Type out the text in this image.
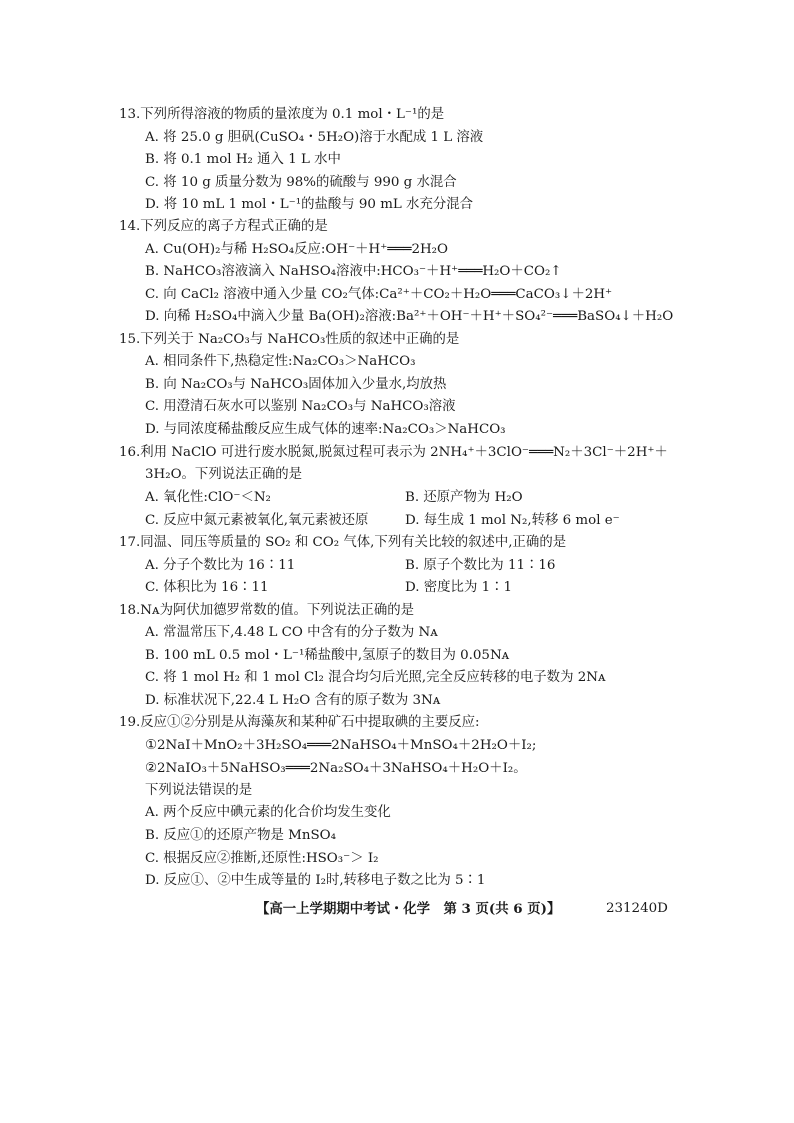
13.下列所得溶液的物质的量浓度为 0.1 mol・L⁻¹的是
A. 将 25.0 g 胆矾(CuSO₄・5H₂O)溶于水配成 1 L 溶液
B. 将 0.1 mol H₂ 通入 1 L 水中
C. 将 10 g 质量分数为 98%的硫酸与 990 g 水混合
D. 将 10 mL 1 mol・L⁻¹的盐酸与 90 mL 水充分混合
14.下列反应的离子方程式正确的是
A. Cu(OH)₂与稀 H₂SO₄反应:OH⁻＋H⁺═══2H₂O
B. NaHCO₃溶液滴入 NaHSO₄溶液中:HCO₃⁻＋H⁺═══H₂O＋CO₂↑
C. 向 CaCl₂ 溶液中通入少量 CO₂气体:Ca²⁺＋CO₂＋H₂O═══CaCO₃↓＋2H⁺
D. 向稀 H₂SO₄中滴入少量 Ba(OH)₂溶液:Ba²⁺＋OH⁻＋H⁺＋SO₄²⁻═══BaSO₄↓＋H₂O
15.下列关于 Na₂CO₃与 NaHCO₃性质的叙述中正确的是
A. 相同条件下,热稳定性:Na₂CO₃＞NaHCO₃
B. 向 Na₂CO₃与 NaHCO₃固体加入少量水,均放热
C. 用澄清石灰水可以鉴别 Na₂CO₃与 NaHCO₃溶液
D. 与同浓度稀盐酸反应生成气体的速率:Na₂CO₃＞NaHCO₃
16.利用 NaClO 可进行废水脱氮,脱氮过程可表示为 2NH₄⁺＋3ClO⁻═══N₂＋3Cl⁻＋2H⁺＋
3H₂O。下列说法正确的是
A. 氧化性:ClO⁻＜N₂	B. 还原产物为 H₂O
C. 反应中氮元素被氧化,氧元素被还原	D. 每生成 1 mol N₂,转移 6 mol e⁻
17.同温、同压等质量的 SO₂ 和 CO₂ 气体,下列有关比较的叙述中,正确的是
A. 分子个数比为 16∶11	B. 原子个数比为 11∶16
C. 体积比为 16∶11	D. 密度比为 1∶1
18.Nᴀ为阿伏加德罗常数的值。下列说法正确的是
A. 常温常压下,4.48 L CO 中含有的分子数为 Nᴀ
B. 100 mL 0.5 mol・L⁻¹稀盐酸中,氢原子的数目为 0.05Nᴀ
C. 将 1 mol H₂ 和 1 mol Cl₂ 混合均匀后光照,完全反应转移的电子数为 2Nᴀ
D. 标准状况下,22.4 L H₂O 含有的原子数为 3Nᴀ
19.反应①②分别是从海藻灰和某种矿石中提取碘的主要反应:
①2NaI＋MnO₂＋3H₂SO₄═══2NaHSO₄＋MnSO₄＋2H₂O＋I₂;
②2NaIO₃＋5NaHSO₃═══2Na₂SO₄＋3NaHSO₄＋H₂O＋I₂。
下列说法错误的是
A. 两个反应中碘元素的化合价均发生变化
B. 反应①的还原产物是 MnSO₄
C. 根据反应②推断,还原性:HSO₃⁻＞ I₂
D. 反应①、②中生成等量的 I₂时,转移电子数之比为 5∶1
【高一上学期期中考试・化学　第 3 页(共 6 页)】	231240D
